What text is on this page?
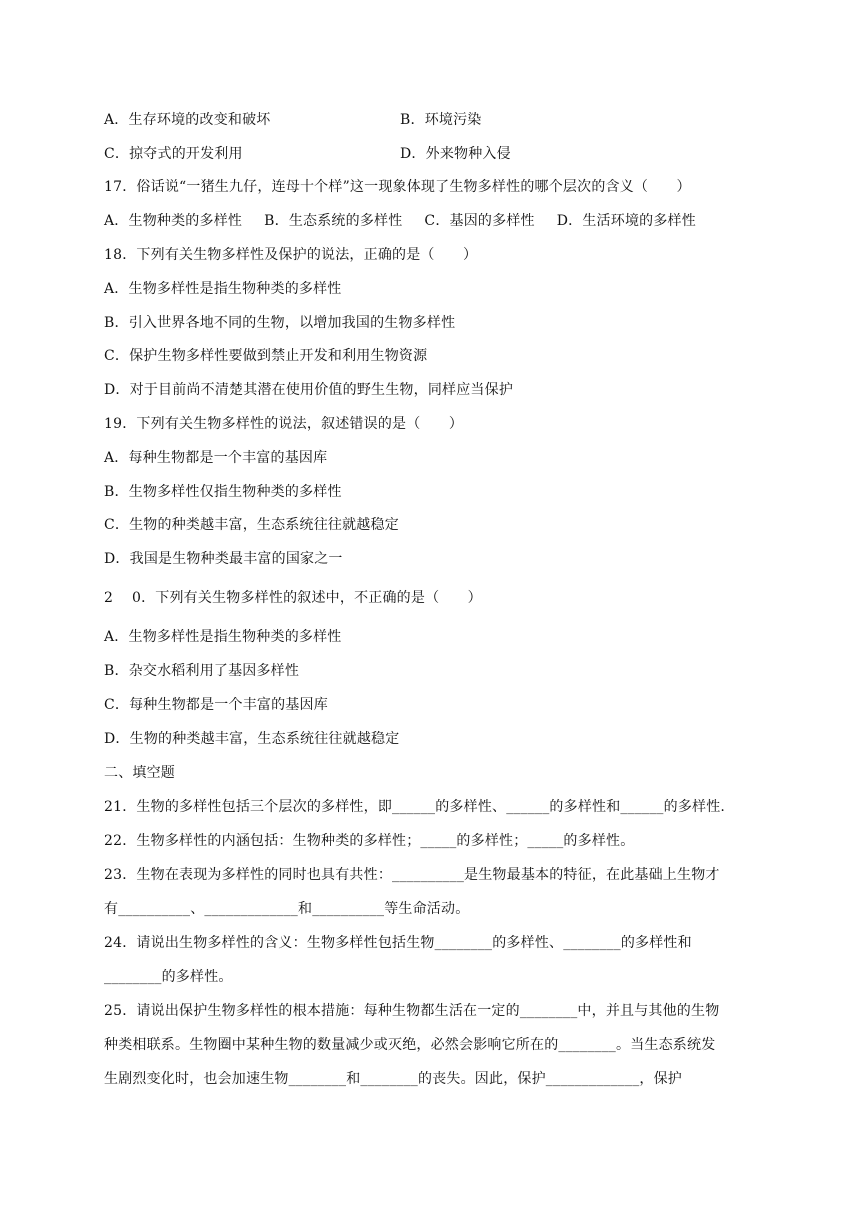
A．生存环境的改变和破坏	B．环境污染
C．掠夺式的开发利用	D．外来物种入侵
17．俗话说“一猪生九仔，连母十个样”这一现象体现了生物多样性的哪个层次的含义（　　）
A．生物种类的多样性 B．生态系统的多样性 C．基因的多样性 D．生活环境的多样性
18．下列有关生物多样性及保护的说法，正确的是（　　）
A．生物多样性是指生物种类的多样性
B．引入世界各地不同的生物，以增加我国的生物多样性
C．保护生物多样性要做到禁止开发和利用生物资源
D．对于目前尚不清楚其潜在使用价值的野生生物，同样应当保护
19．下列有关生物多样性的说法，叙述错误的是（　　）
A．每种生物都是一个丰富的基因库
B．生物多样性仅指生物种类的多样性
C．生物的种类越丰富，生态系统往往就越稳定
D．我国是生物种类最丰富的国家之一
2　 0．下列有关生物多样性的叙述中，不正确的是（　　）
A．生物多样性是指生物种类的多样性
B．杂交水稻利用了基因多样性
C．每种生物都是一个丰富的基因库
D．生物的种类越丰富，生态系统往往就越稳定
二、填空题
21．生物的多样性包括三个层次的多样性，即______的多样性、______的多样性和______的多样性.
22．生物多样性的内涵包括：生物种类的多样性；_____的多样性；_____的多样性。
23．生物在表现为多样性的同时也具有共性：__________是生物最基本的特征，在此基础上生物才
有__________、_____________和__________等生命活动。
24．请说出生物多样性的含义：生物多样性包括生物________的多样性、________的多样性和
________的多样性。
25．请说出保护生物多样性的根本措施：每种生物都生活在一定的________中，并且与其他的生物
种类相联系。生物圈中某种生物的数量减少或灭绝，必然会影响它所在的________。当生态系统发
生剧烈变化时，也会加速生物________和________的丧失。因此，保护_____________，保护
